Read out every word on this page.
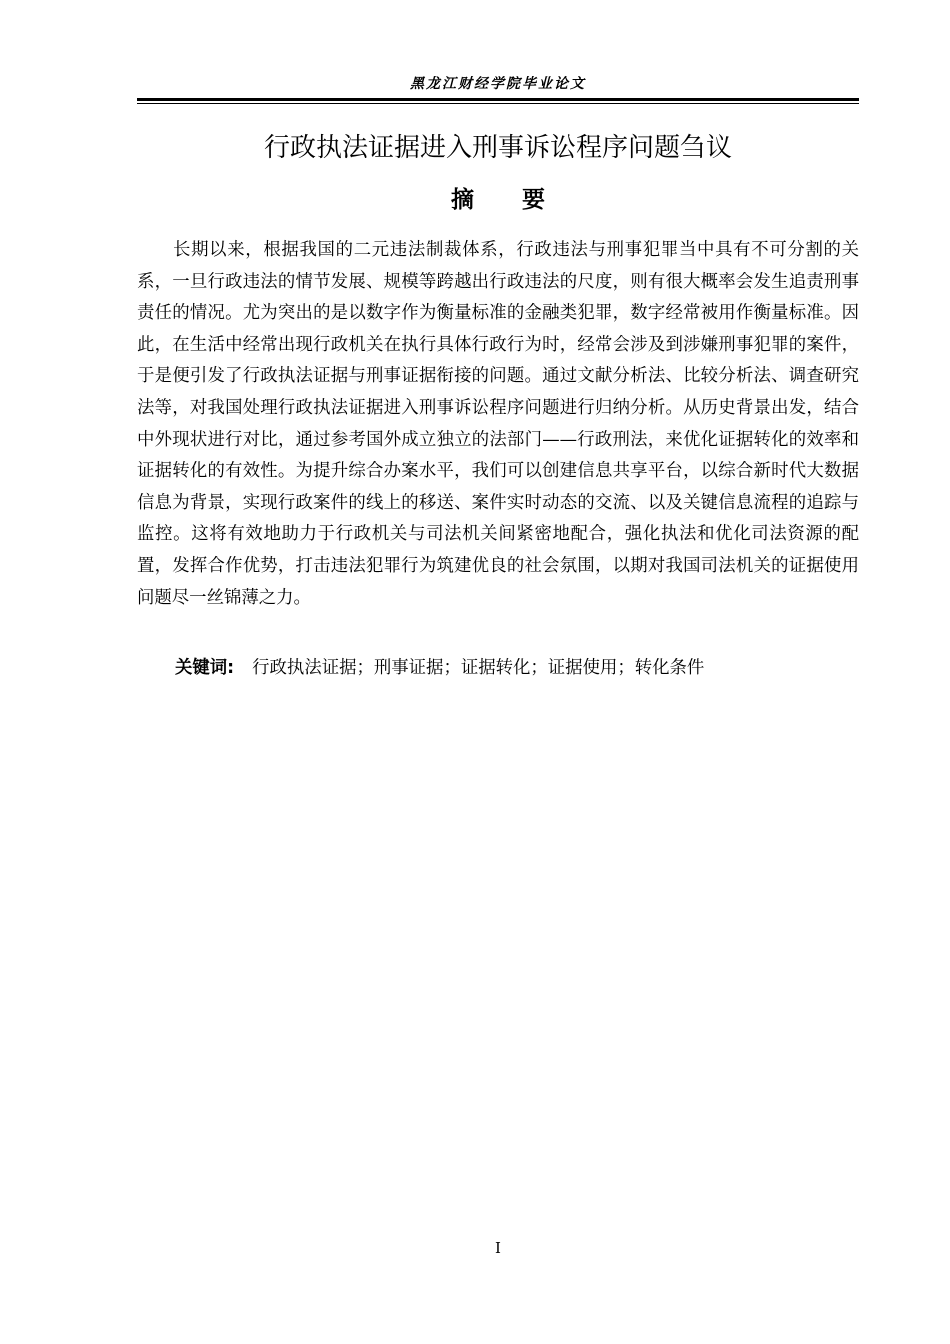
黑龙江财经学院毕业论文
行政执法证据进入刑事诉讼程序问题刍议
摘 要

长期以来，根据我国的二元违法制裁体系，行政违法与刑事犯罪当中具有不可分割的关系，一旦行政违法的情节发展、规模等跨越出行政违法的尺度，则有很大概率会发生追责刑事责任的情况。尤为突出的是以数字作为衡量标准的金融类犯罪，数字经常被用作衡量标准。因此，在生活中经常出现行政机关在执行具体行政行为时，经常会涉及到涉嫌刑事犯罪的案件，于是便引发了行政执法证据与刑事证据衔接的问题。通过文献分析法、比较分析法、调查研究法等，对我国处理行政执法证据进入刑事诉讼程序问题进行归纳分析。从历史背景出发，结合中外现状进行对比，通过参考国外成立独立的法部门——行政刑法，来优化证据转化的效率和证据转化的有效性。为提升综合办案水平，我们可以创建信息共享平台，以综合新时代大数据信息为背景，实现行政案件的线上的移送、案件实时动态的交流、以及关键信息流程的追踪与监控。这将有效地助力于行政机关与司法机关间紧密地配合，强化执法和优化司法资源的配置，发挥合作优势，打击违法犯罪行为筑建优良的社会氛围，以期对我国司法机关的证据使用问题尽一丝锦薄之力。

关键词: 行政执法证据；刑事证据；证据转化；证据使用；转化条件

I
